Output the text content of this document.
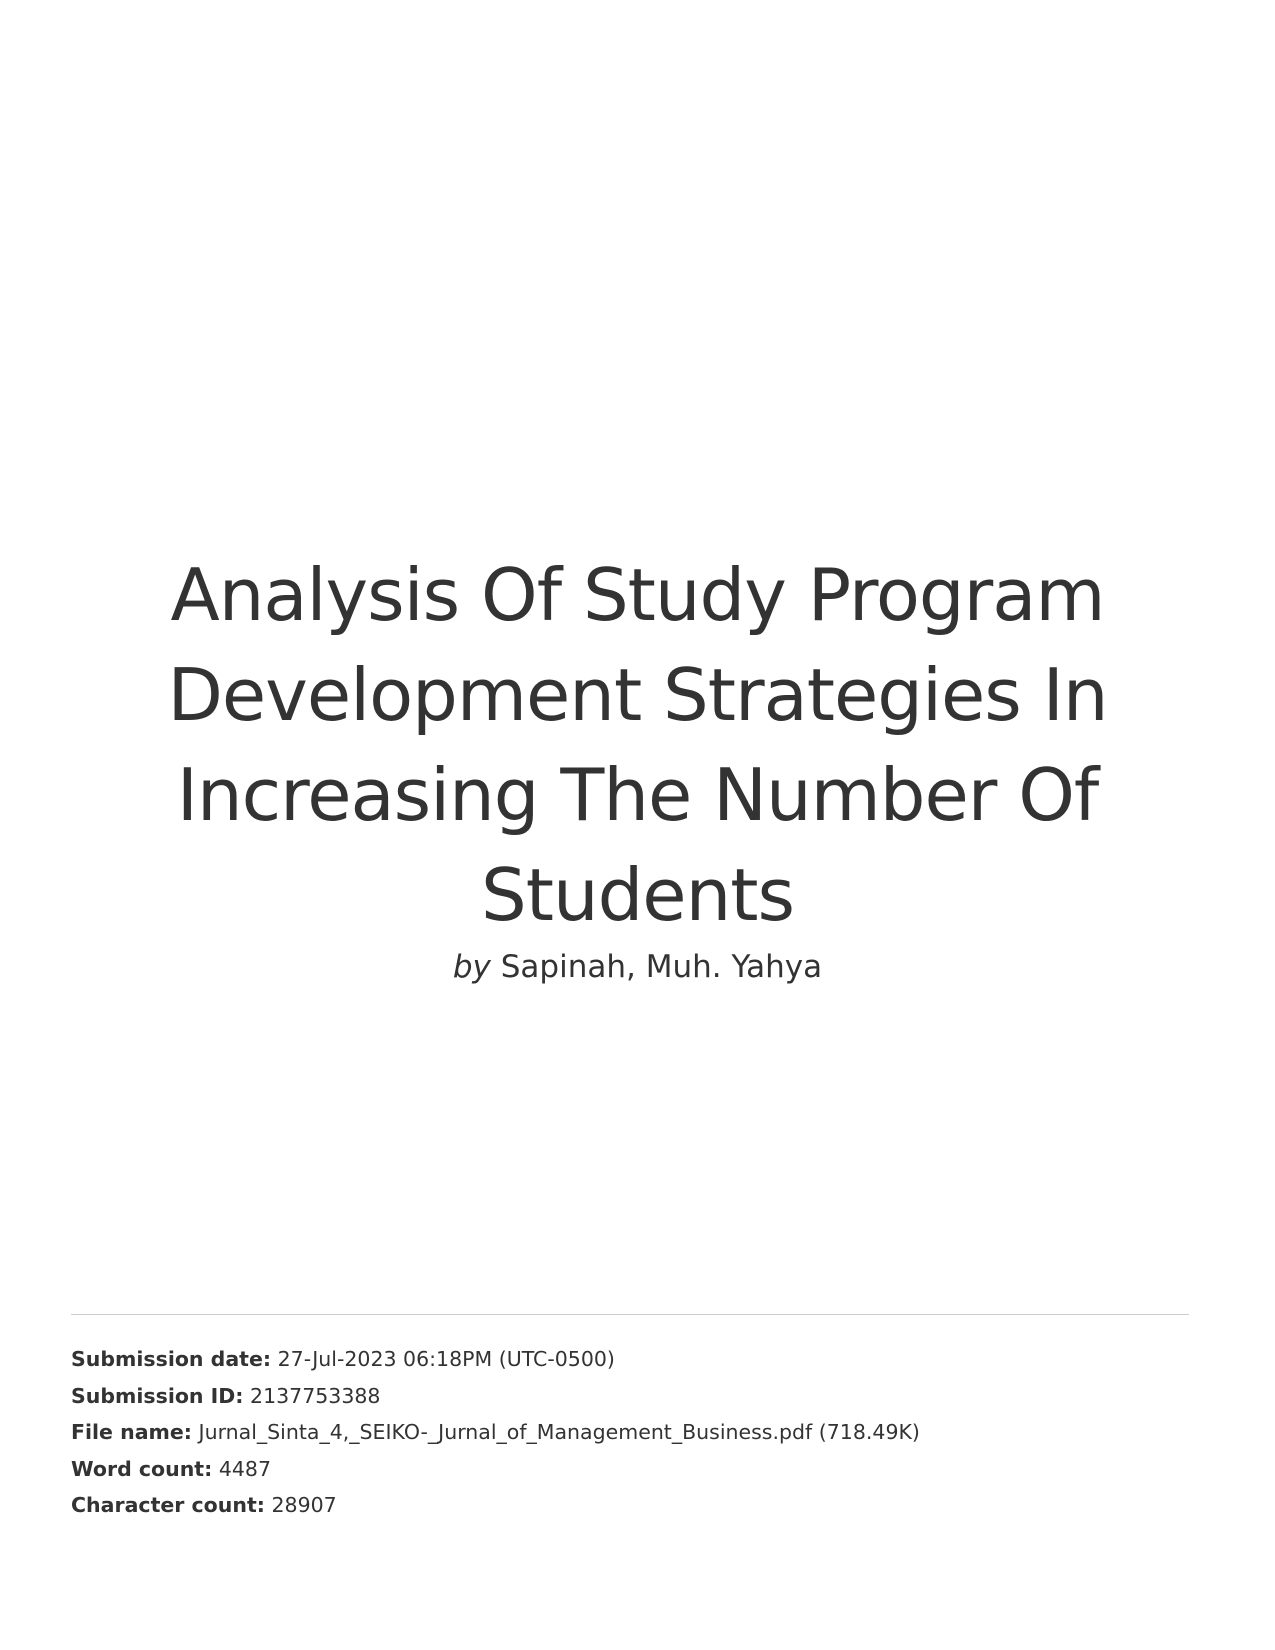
Analysis Of Study Program Development Strategies In Increasing The Number Of Students
by Sapinah, Muh. Yahya
Submission date: 27-Jul-2023 06:18PM (UTC-0500)
Submission ID: 2137753388
File name: Jurnal_Sinta_4,_SEIKO-_Jurnal_of_Management_Business.pdf (718.49K)
Word count: 4487
Character count: 28907
